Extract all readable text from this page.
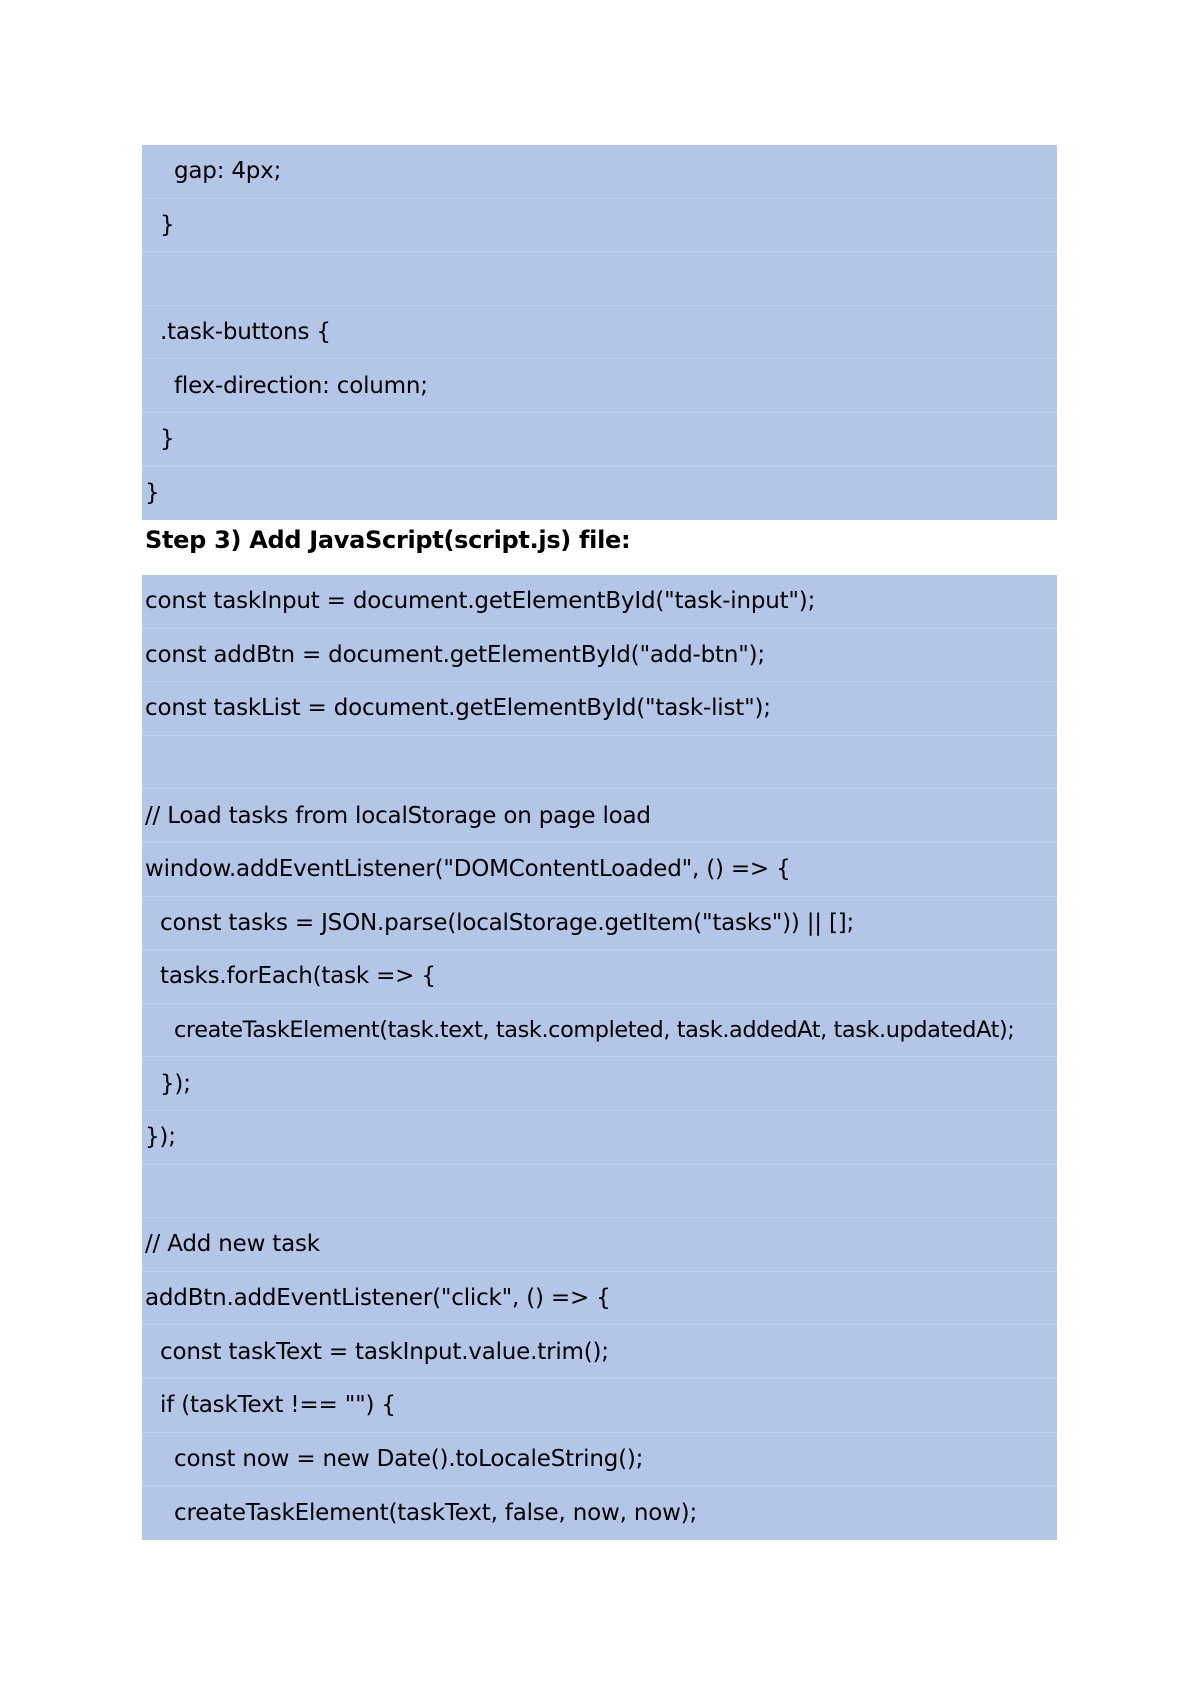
gap: 4px;
}
.task-buttons {
flex-direction: column;
}
}
Step 3) Add JavaScript(script.js) file:
const taskInput = document.getElementById("task-input");
const addBtn = document.getElementById("add-btn");
const taskList = document.getElementById("task-list");
// Load tasks from localStorage on page load
window.addEventListener("DOMContentLoaded", () => {
const tasks = JSON.parse(localStorage.getItem("tasks")) || [];
tasks.forEach(task => {
createTaskElement(task.text, task.completed, task.addedAt, task.updatedAt);
});
});
// Add new task
addBtn.addEventListener("click", () => {
const taskText = taskInput.value.trim();
if (taskText !== "") {
const now = new Date().toLocaleString();
createTaskElement(taskText, false, now, now);
